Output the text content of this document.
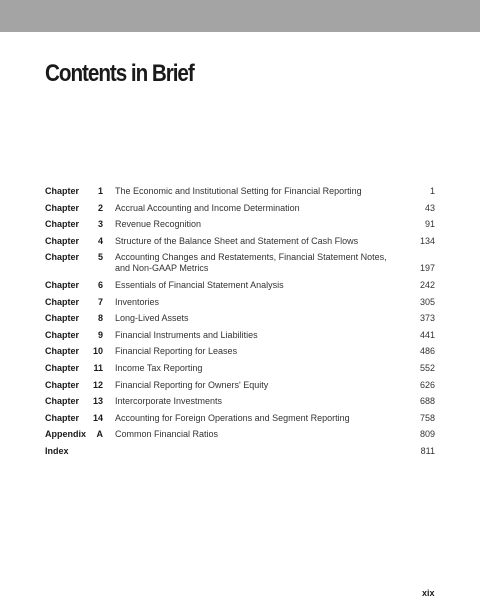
Contents in Brief
Chapter	1 The Economic and Institutional Setting for Financial Reporting	1
Chapter	2 Accrual Accounting and Income Determination	43
Chapter	3 Revenue Recognition	91
Chapter	4 Structure of the Balance Sheet and Statement of Cash Flows	134
Chapter	5 Accounting Changes and Restatements, Financial Statement Notes, and Non-GAAP Metrics	197
Chapter	6 Essentials of Financial Statement Analysis	242
Chapter	7 Inventories	305
Chapter	8 Long-Lived Assets	373
Chapter	9 Financial Instruments and Liabilities	441
Chapter	10 Financial Reporting for Leases	486
Chapter	11 Income Tax Reporting	552
Chapter	12 Financial Reporting for Owners' Equity	626
Chapter	13 Intercorporate Investments	688
Chapter	14 Accounting for Foreign Operations and Segment Reporting	758
Appendix	A Common Financial Ratios	809
Index	811
xix
